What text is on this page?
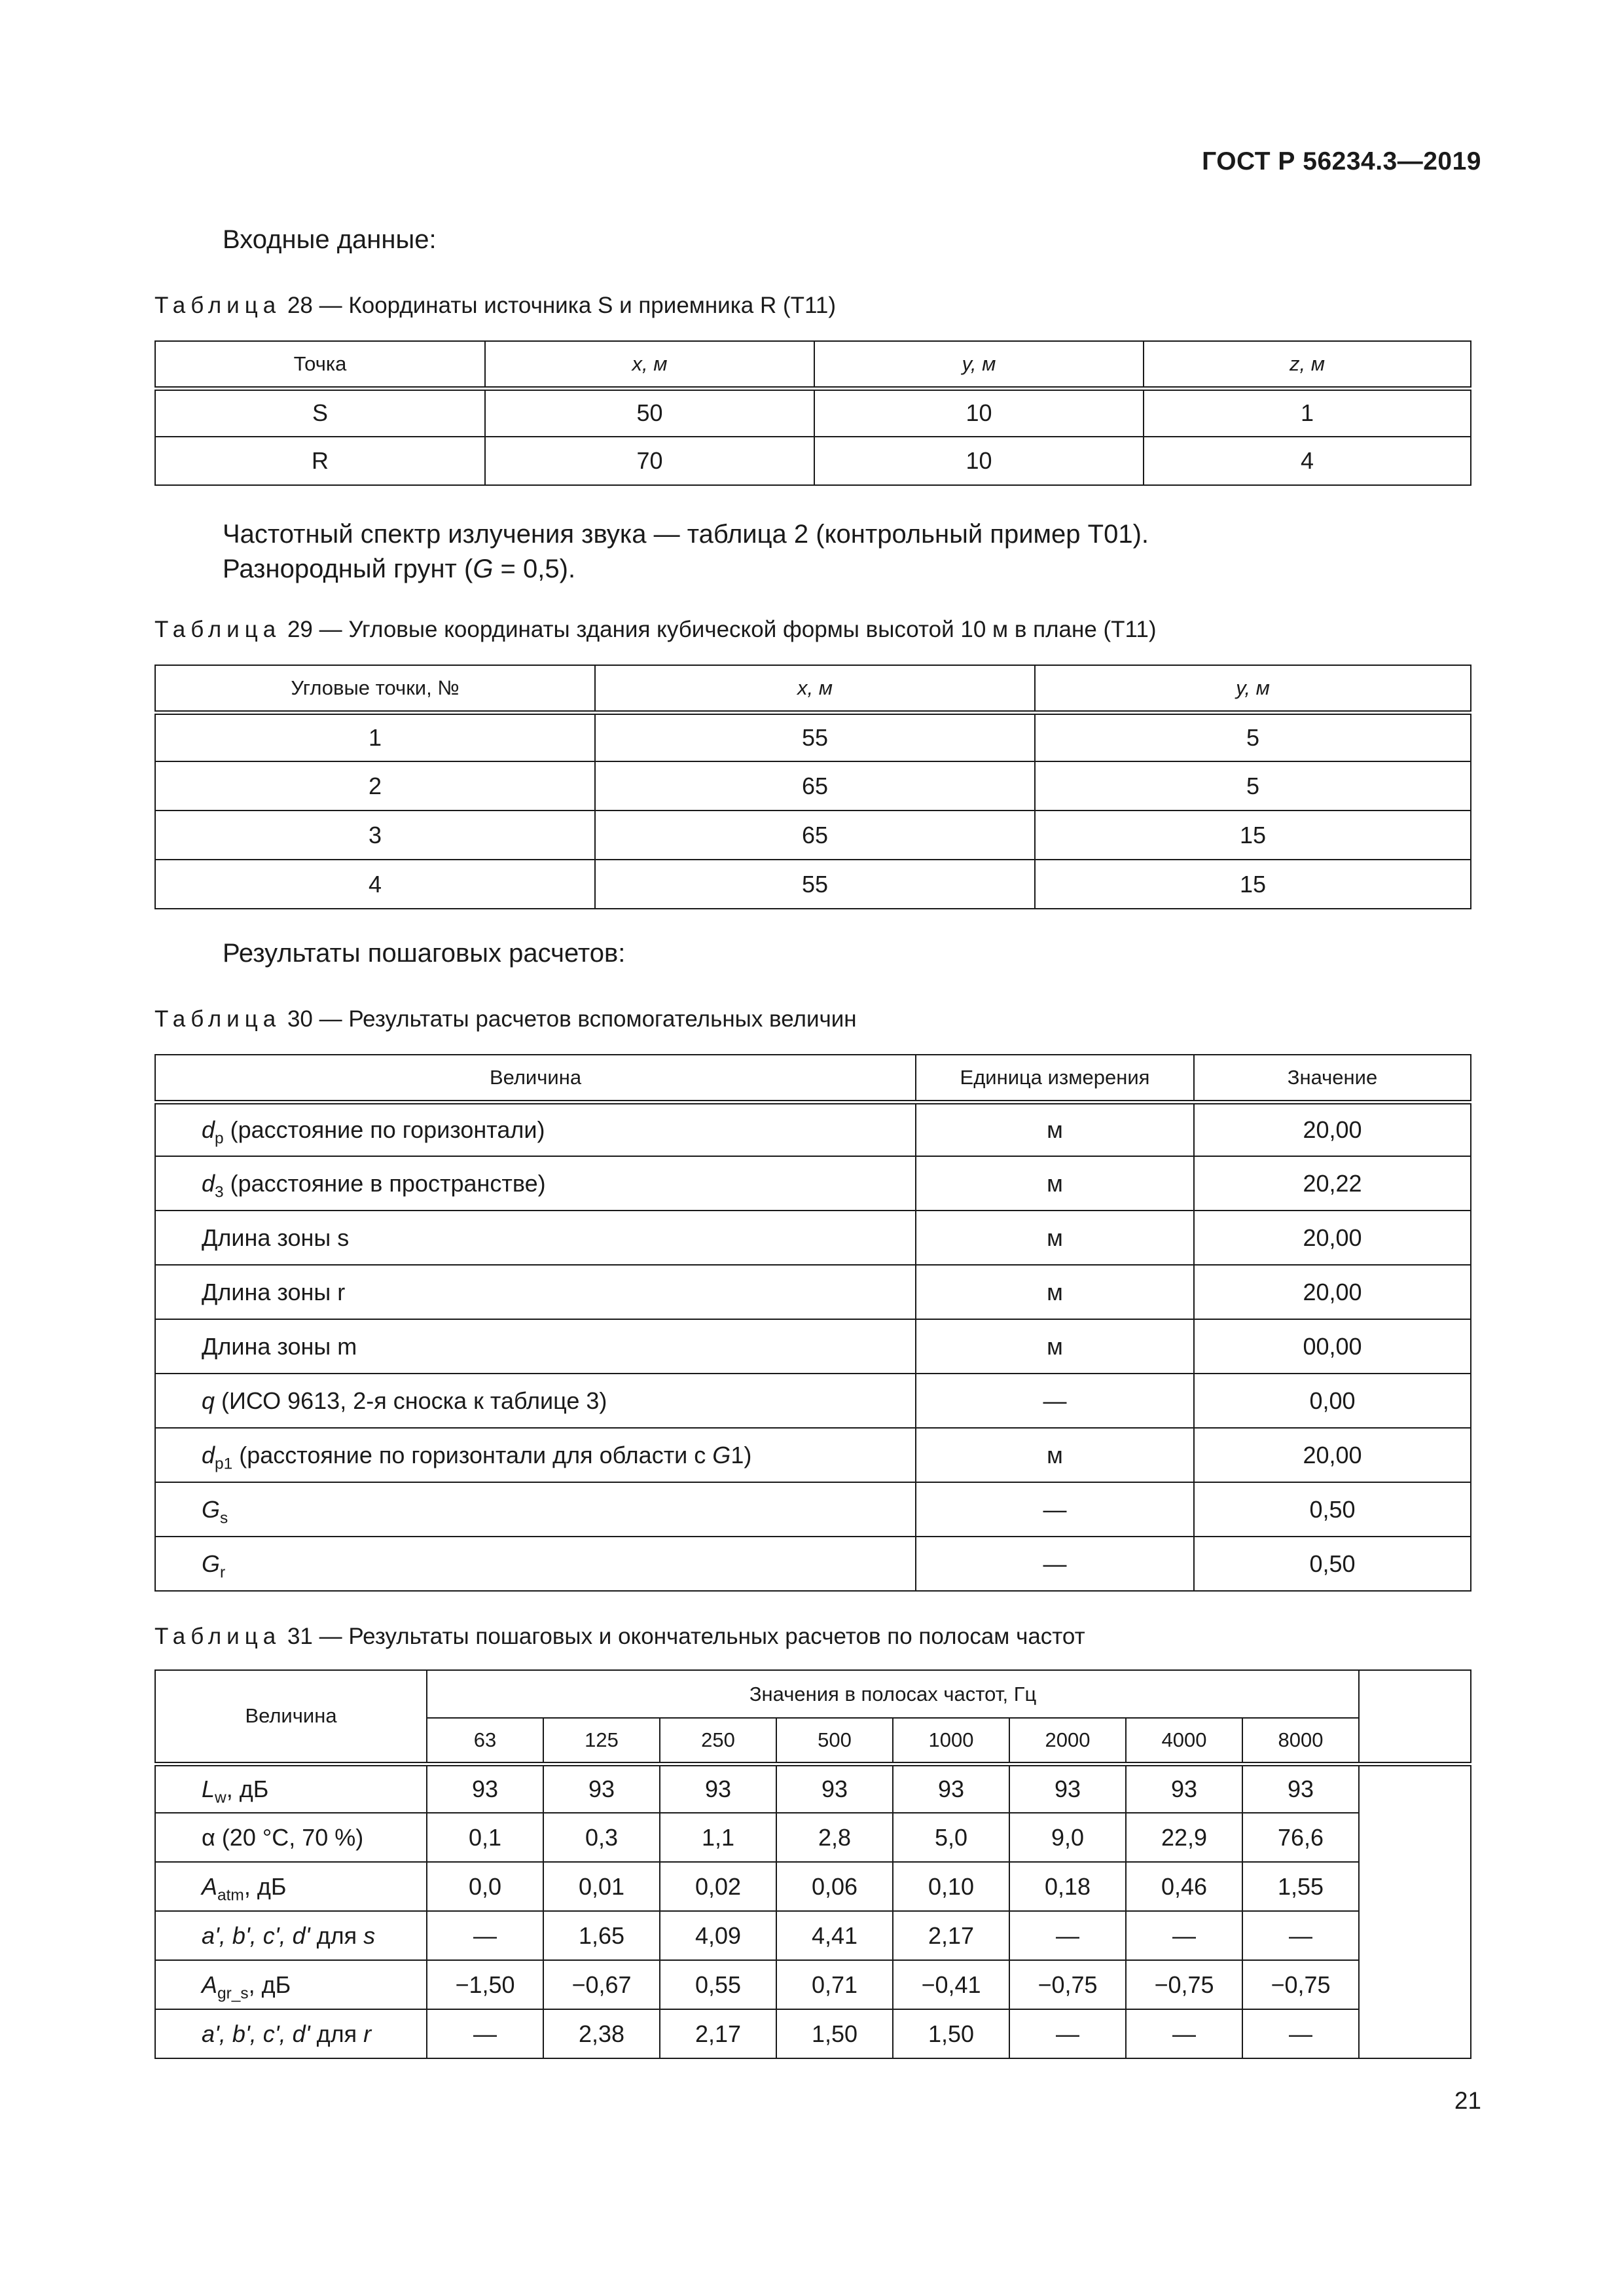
ГОСТ Р 56234.3—2019
Входные данные:
Таблица 28 — Координаты источника S и приемника R (Т11)
Точка	x, м	y, м	z, м
S	50	10	1
R	70	10	4
Частотный спектр излучения звука — таблица 2 (контрольный пример Т01).
Разнородный грунт (G = 0,5).
Таблица 29 — Угловые координаты здания кубической формы высотой 10 м в плане (Т11)
Угловые точки, №	x, м	y, м
1	55	5
2	65	5
3	65	15
4	55	15
Результаты пошаговых расчетов:
Таблица 30 — Результаты расчетов вспомогательных величин
Величина	Единица измерения	Значение
$d_p$ (расстояние по горизонтали)	м	20,00
$d_3$ (расстояние в пространстве)	м	20,22
Длина зоны s	м	20,00
Длина зоны r	м	20,00
Длина зоны m	м	00,00
q (ИСО 9613, 2-я сноска к таблице 3)	—	0,00
$d_{p1}$ (расстояние по горизонтали для области с G1)	м	20,00
$G_s$	—	0,50
$G_r$	—	0,50
Таблица 31 — Результаты пошаговых и окончательных расчетов по полосам частот
Величина	Значения в полосах частот, Гц								
	63	125	250	500	1000	2000	4000	8000	
$L_w$, дБ	93	93	93	93	93	93	93	93	
α (20 °С, 70 %)	0,1	0,3	1,1	2,8	5,0	9,0	22,9	76,6	
$A_{atm}$, дБ	0,0	0,01	0,02	0,06	0,10	0,18	0,46	1,55	
a', b', c', d' для s	—	1,65	4,09	4,41	2,17	—	—	—	
$A_{gr\_s}$, дБ	−1,50	−0,67	0,55	0,71	−0,41	−0,75	−0,75	−0,75	
a', b', c', d' для r	—	2,38	2,17	1,50	1,50	—	—	—	
21
